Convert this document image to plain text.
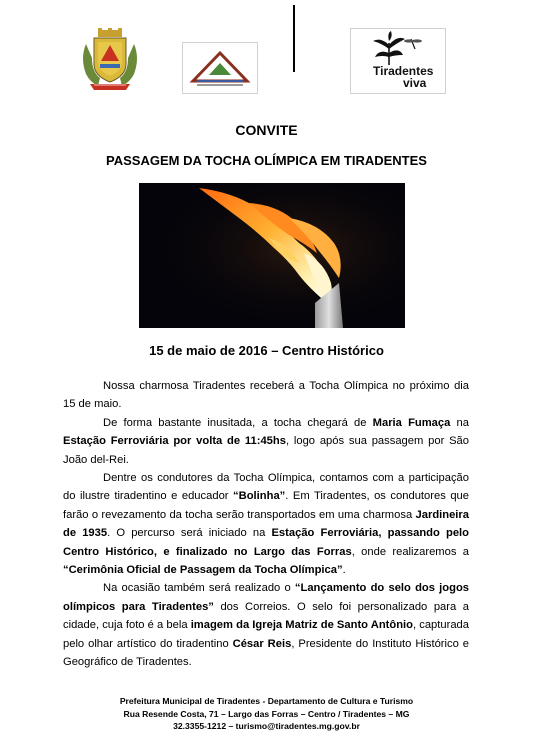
Tiradentes
viva
CONVITE
PASSAGEM DA TOCHA OLÍMPICA EM TIRADENTES
15 de maio de 2016 – Centro Histórico

Nossa charmosa Tiradentes receberá a Tocha Olímpica no próximo dia 15 de maio.

De forma bastante inusitada, a tocha chegará de Maria Fumaça na Estação Ferroviária por volta de 11:45hs, logo após sua passagem por São João del-Rei.

Dentre os condutores da Tocha Olímpica, contamos com a participação do ilustre tiradentino e educador “Bolinha”. Em Tiradentes, os condutores que farão o revezamento da tocha serão transportados em uma charmosa Jardineira de 1935. O percurso será iniciado na Estação Ferroviária, passando pelo Centro Histórico, e finalizado no Largo das Forras, onde realizaremos a “Cerimônia Oficial de Passagem da Tocha Olímpica”.

Na ocasião também será realizado o “Lançamento do selo dos jogos olímpicos para Tiradentes” dos Correios. O selo foi personalizado para a cidade, cuja foto é a bela imagem da Igreja Matriz de Santo Antônio, capturada pelo olhar artístico do tiradentino César Reis, Presidente do Instituto Histórico e Geográfico de Tiradentes.

Prefeitura Municipal de Tiradentes - Departamento de Cultura e Turismo
Rua Resende Costa, 71 – Largo das Forras – Centro / Tiradentes – MG
32.3355-1212 – turismo@tiradentes.mg.gov.br
